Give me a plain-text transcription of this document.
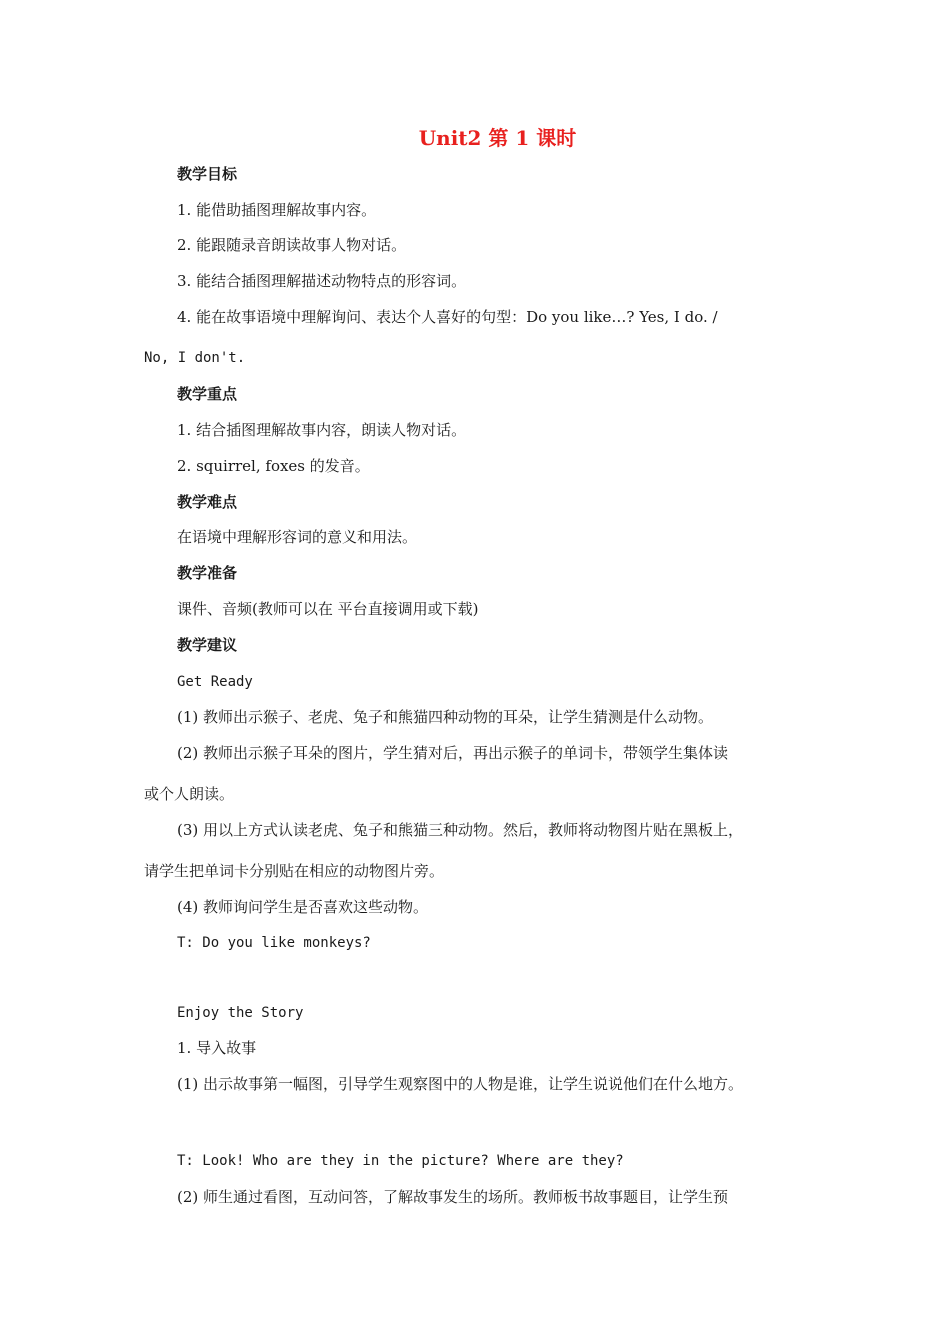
Unit2 第 1 课时
教学目标
1. 能借助插图理解故事内容。
2. 能跟随录音朗读故事人物对话。
3. 能结合插图理解描述动物特点的形容词。
4. 能在故事语境中理解询问、表达个人喜好的句型：Do you like…? Yes, I do. /
No, I don't.
教学重点
1. 结合插图理解故事内容，朗读人物对话。
2. squirrel, foxes 的发音。
教学难点
在语境中理解形容词的意义和用法。
教学准备
课件、音频(教师可以在 平台直接调用或下载)
教学建议
Get Ready
(1) 教师出示猴子、老虎、兔子和熊猫四种动物的耳朵，让学生猜测是什么动物。
(2) 教师出示猴子耳朵的图片，学生猜对后，再出示猴子的单词卡，带领学生集体读
或个人朗读。
(3) 用以上方式认读老虎、兔子和熊猫三种动物。然后，教师将动物图片贴在黑板上，
请学生把单词卡分别贴在相应的动物图片旁。
(4) 教师询问学生是否喜欢这些动物。
T: Do you like monkeys?
Enjoy the Story
1. 导入故事
(1) 出示故事第一幅图，引导学生观察图中的人物是谁，让学生说说他们在什么地方。
T: Look! Who are they in the picture? Where are they?
(2) 师生通过看图，互动问答，了解故事发生的场所。教师板书故事题目，让学生预
